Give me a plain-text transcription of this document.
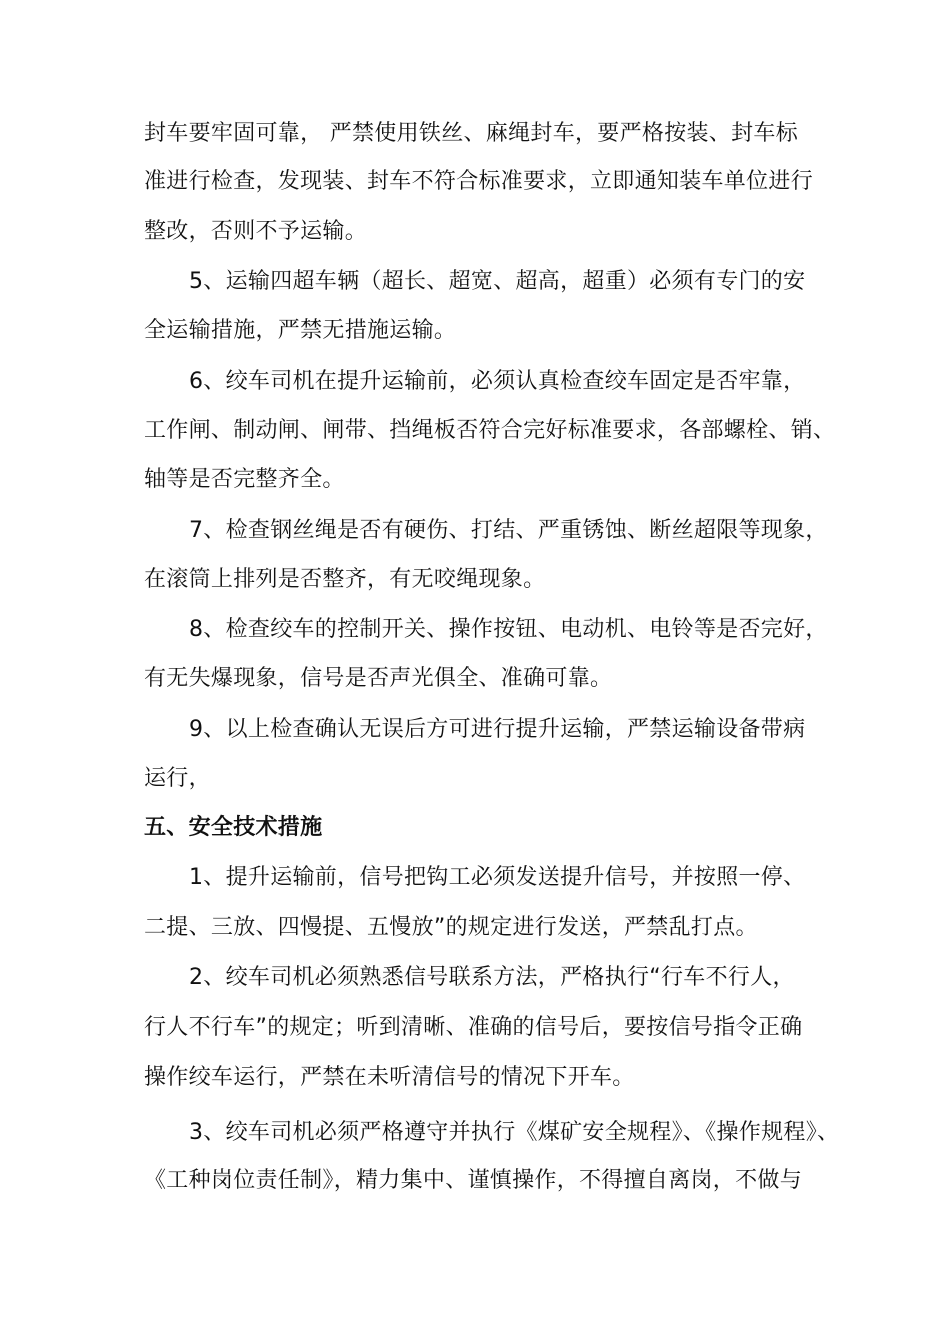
封车要牢固可靠， 严禁使用铁丝、麻绳封车，要严格按装、封车标
准进行检查，发现装、封车不符合标准要求，立即通知装车单位进行
整改，否则不予运输。
5、运输四超车辆（超长、超宽、超高，超重）必须有专门的安
全运输措施，严禁无措施运输。
6、绞车司机在提升运输前，必须认真检查绞车固定是否牢靠，
工作闸、制动闸、闸带、挡绳板否符合完好标准要求，各部螺栓、销、
轴等是否完整齐全。
7、检查钢丝绳是否有硬伤、打结、严重锈蚀、断丝超限等现象，
在滚筒上排列是否整齐，有无咬绳现象。
8、检查绞车的控制开关、操作按钮、电动机、电铃等是否完好，
有无失爆现象，信号是否声光俱全、准确可靠。
9、以上检查确认无误后方可进行提升运输，严禁运输设备带病
运行，
五、安全技术措施
1、提升运输前，信号把钩工必须发送提升信号，并按照一停、
二提、三放、四慢提、五慢放”的规定进行发送，严禁乱打点。
2、绞车司机必须熟悉信号联系方法，严格执行“行车不行人，
行人不行车”的规定；听到清晰、准确的信号后，要按信号指令正确
操作绞车运行，严禁在未听清信号的情况下开车。
3、绞车司机必须严格遵守并执行《煤矿安全规程》、《操作规程》、
《工种岗位责任制》，精力集中、谨慎操作，不得擅自离岗，不做与
